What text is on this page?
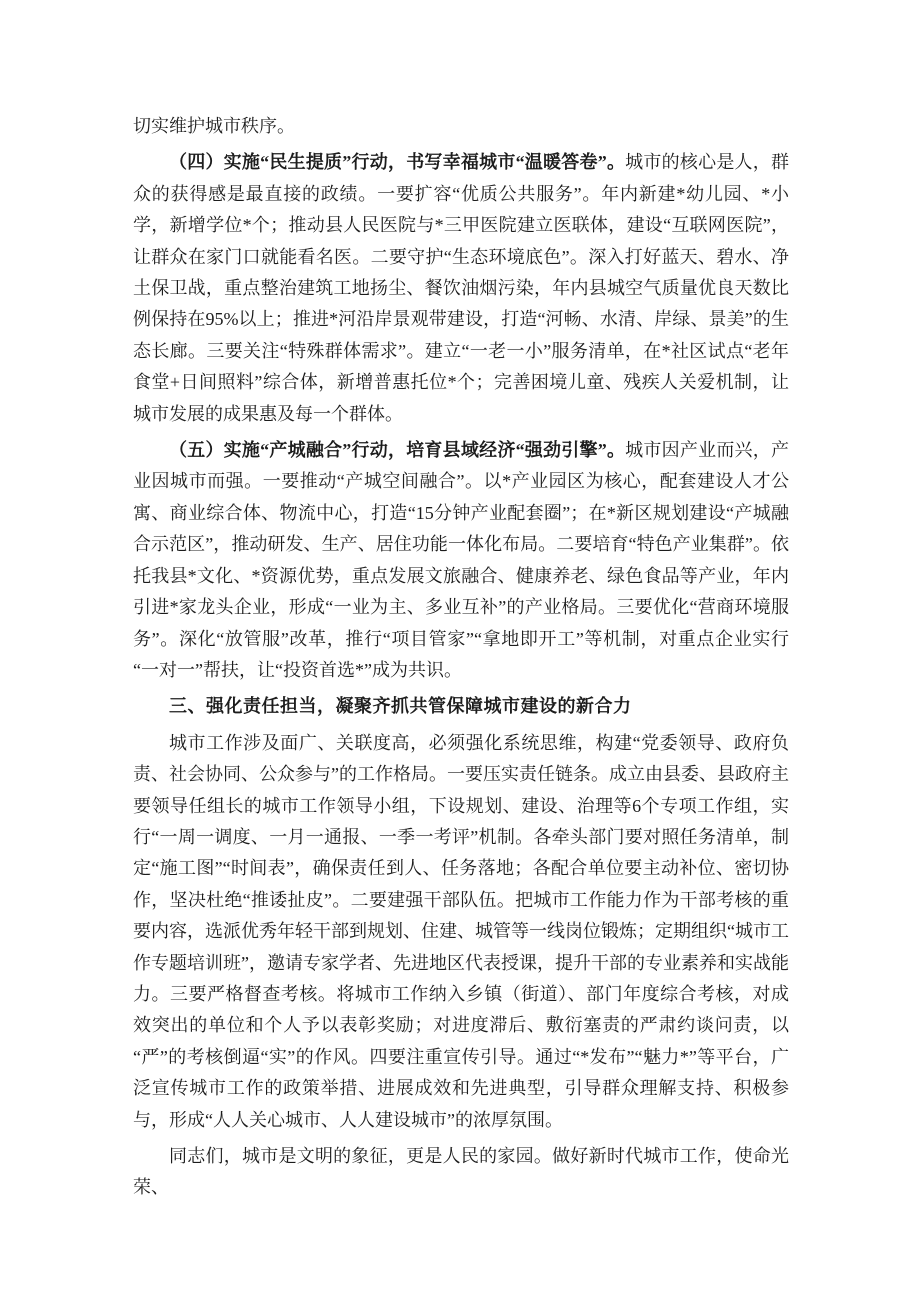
切实维护城市秩序。

（四）实施“民生提质”行动，书写幸福城市“温暖答卷”。城市的核心是人，群众的获得感是最直接的政绩。一要扩容“优质公共服务”。年内新建*幼儿园、*小学，新增学位*个；推动县人民医院与*三甲医院建立医联体，建设“互联网医院”，让群众在家门口就能看名医。二要守护“生态环境底色”。深入打好蓝天、碧水、净土保卫战，重点整治建筑工地扬尘、餐饮油烟污染，年内县城空气质量优良天数比例保持在95%以上；推进*河沿岸景观带建设，打造“河畅、水清、岸绿、景美”的生态长廊。三要关注“特殊群体需求”。建立“一老一小”服务清单，在*社区试点“老年食堂+日间照料”综合体，新增普惠托位*个；完善困境儿童、残疾人关爱机制，让城市发展的成果惠及每一个群体。

（五）实施“产城融合”行动，培育县域经济“强劲引擎”。城市因产业而兴，产业因城市而强。一要推动“产城空间融合”。以*产业园区为核心，配套建设人才公寓、商业综合体、物流中心，打造“15分钟产业配套圈”；在*新区规划建设“产城融合示范区”，推动研发、生产、居住功能一体化布局。二要培育“特色产业集群”。依托我县*文化、*资源优势，重点发展文旅融合、健康养老、绿色食品等产业，年内引进*家龙头企业，形成“一业为主、多业互补”的产业格局。三要优化“营商环境服务”。深化“放管服”改革，推行“项目管家”“拿地即开工”等机制，对重点企业实行“一对一”帮扶，让“投资首选*”成为共识。

三、强化责任担当，凝聚齐抓共管保障城市建设的新合力

城市工作涉及面广、关联度高，必须强化系统思维，构建“党委领导、政府负责、社会协同、公众参与”的工作格局。一要压实责任链条。成立由县委、县政府主要领导任组长的城市工作领导小组，下设规划、建设、治理等6个专项工作组，实行“一周一调度、一月一通报、一季一考评”机制。各牵头部门要对照任务清单，制定“施工图”“时间表”，确保责任到人、任务落地；各配合单位要主动补位、密切协作，坚决杜绝“推诿扯皮”。二要建强干部队伍。把城市工作能力作为干部考核的重要内容，选派优秀年轻干部到规划、住建、城管等一线岗位锻炼；定期组织“城市工作专题培训班”，邀请专家学者、先进地区代表授课，提升干部的专业素养和实战能力。三要严格督查考核。将城市工作纳入乡镇（街道）、部门年度综合考核，对成效突出的单位和个人予以表彰奖励；对进度滞后、敷衍塞责的严肃约谈问责，以“严”的考核倒逼“实”的作风。四要注重宣传引导。通过“*发布”“魅力*”等平台，广泛宣传城市工作的政策举措、进展成效和先进典型，引导群众理解支持、积极参与，形成“人人关心城市、人人建设城市”的浓厚氛围。

同志们，城市是文明的象征，更是人民的家园。做好新时代城市工作，使命光荣、
